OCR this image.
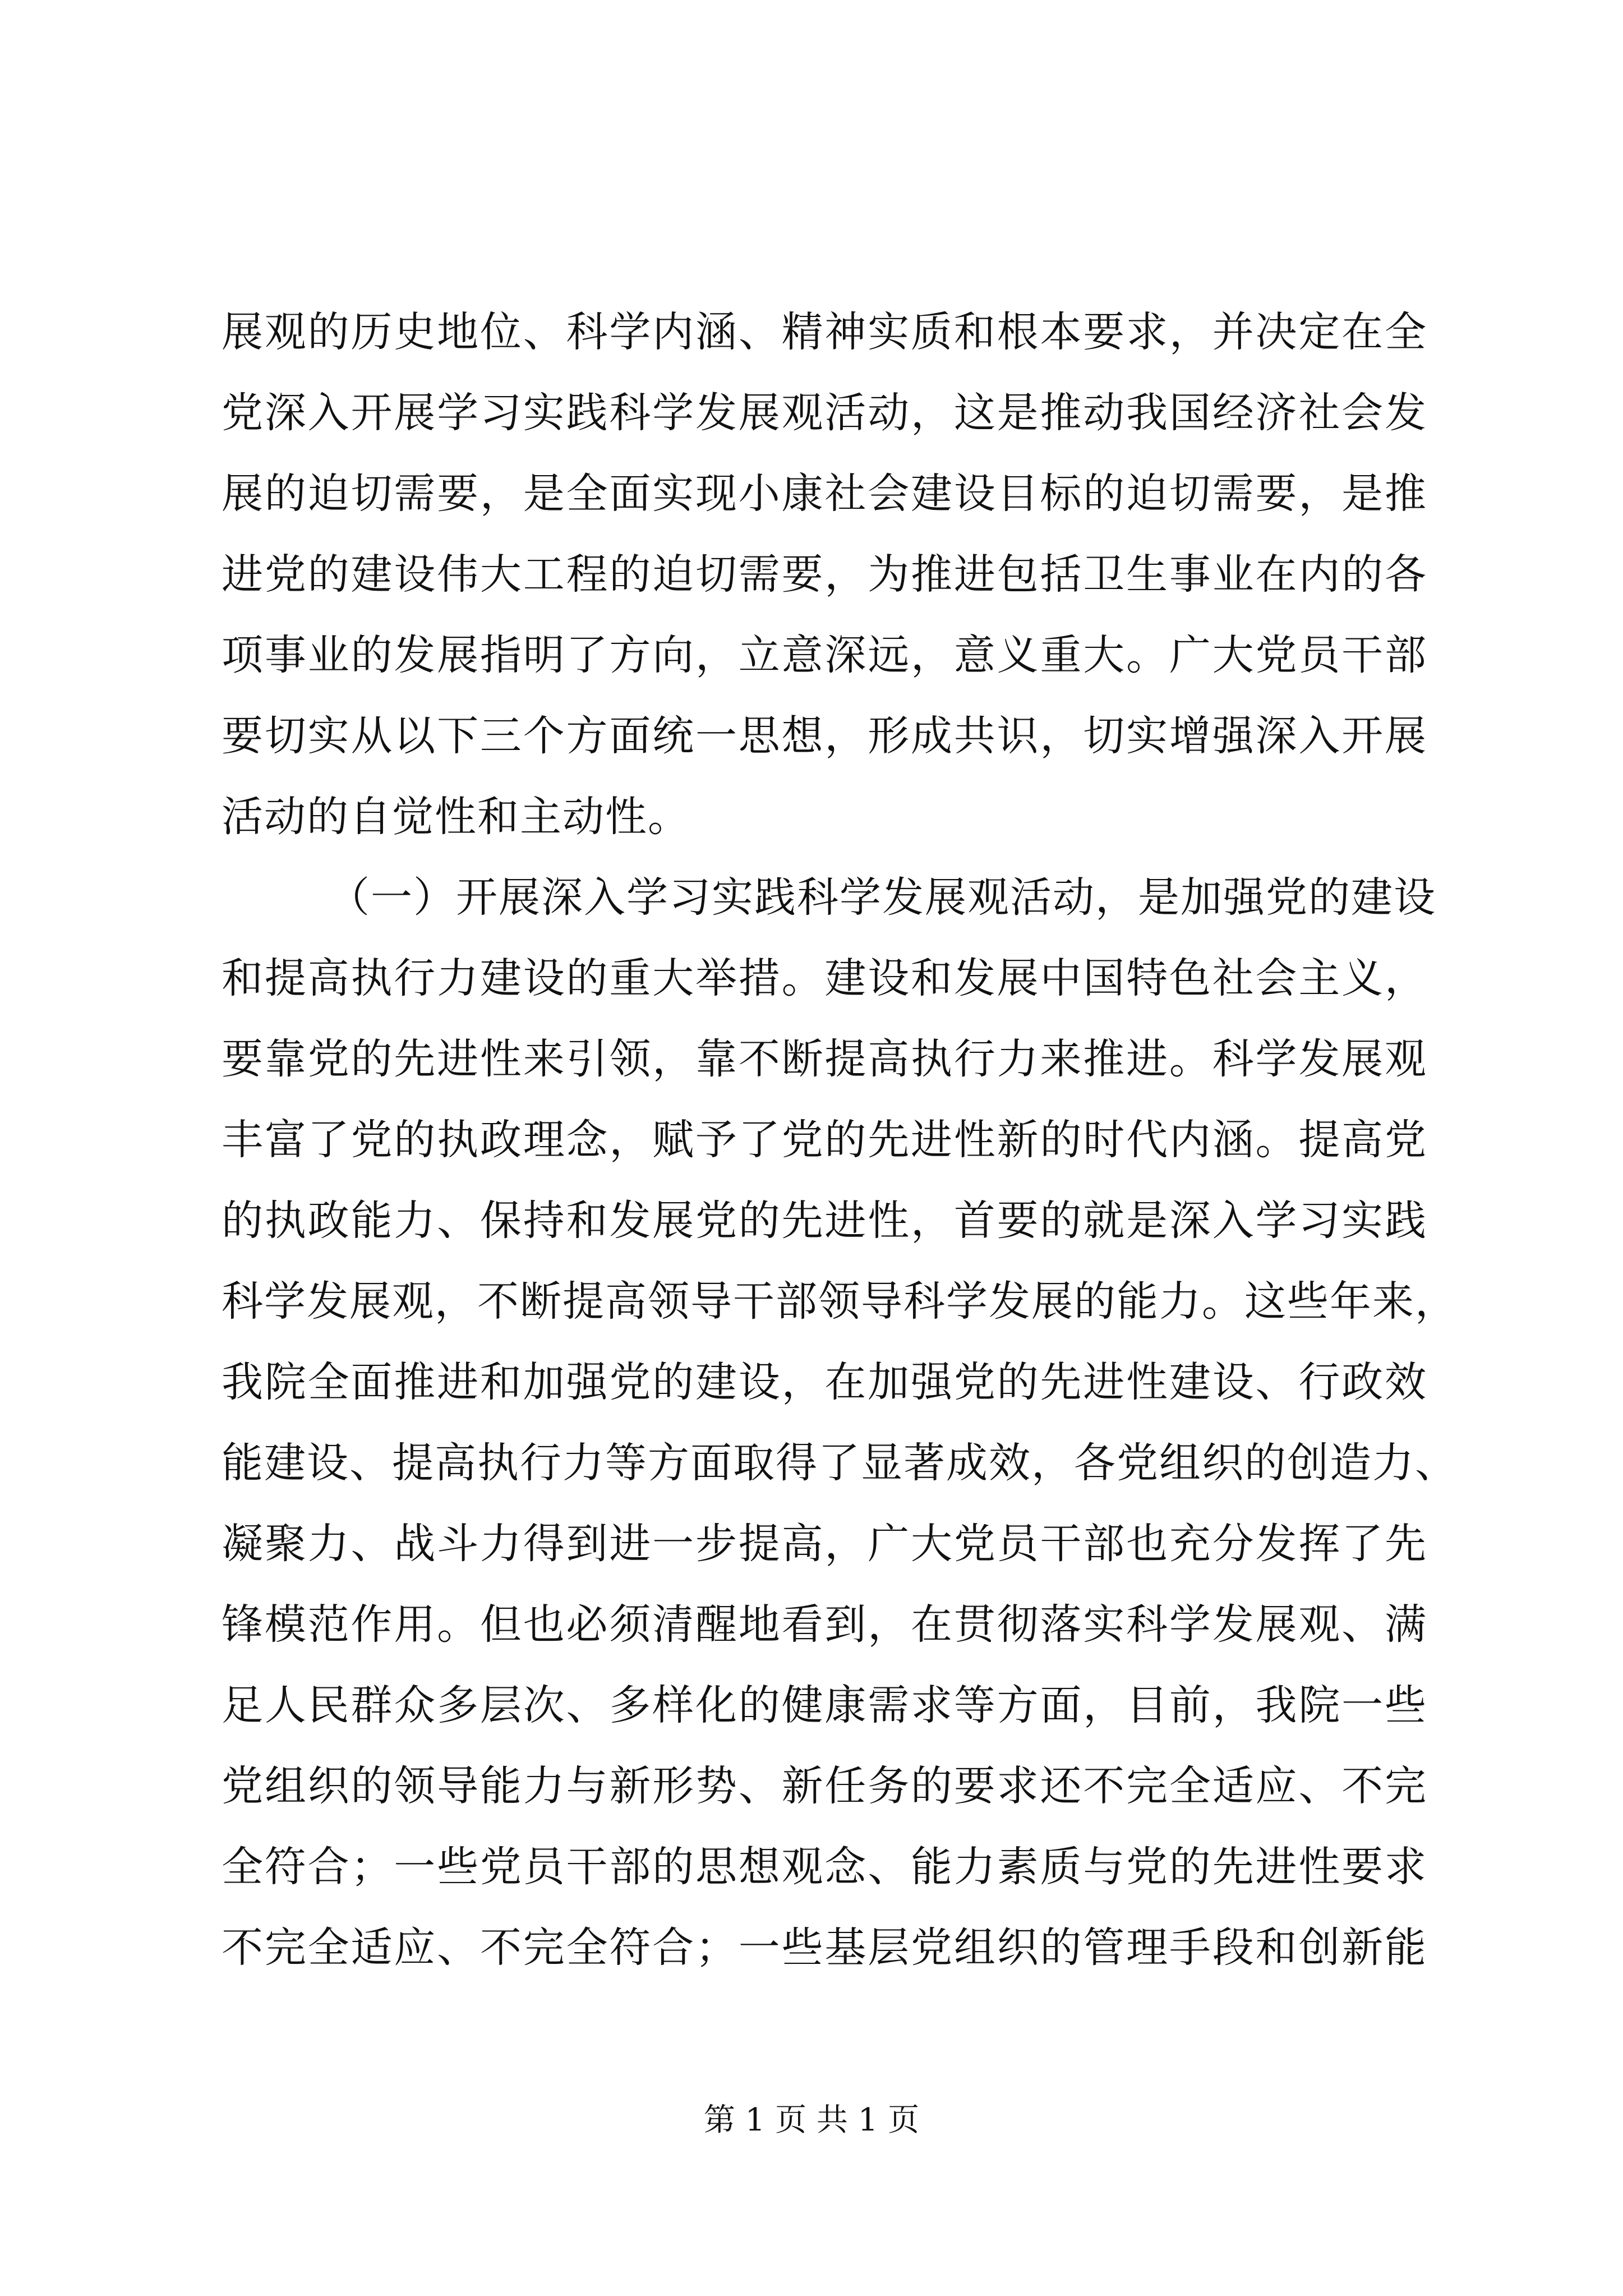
展观的历史地位、科学内涵、精神实质和根本要求，并决定在全
党深入开展学习实践科学发展观活动，这是推动我国经济社会发
展的迫切需要，是全面实现小康社会建设目标的迫切需要，是推
进党的建设伟大工程的迫切需要，为推进包括卫生事业在内的各
项事业的发展指明了方向，立意深远，意义重大。广大党员干部
要切实从以下三个方面统一思想，形成共识，切实增强深入开展
活动的自觉性和主动性。
（一）开展深入学习实践科学发展观活动，是加强党的建设
和提高执行力建设的重大举措。建设和发展中国特色社会主义，
要靠党的先进性来引领，靠不断提高执行力来推进。科学发展观
丰富了党的执政理念，赋予了党的先进性新的时代内涵。提高党
的执政能力、保持和发展党的先进性，首要的就是深入学习实践
科学发展观，不断提高领导干部领导科学发展的能力。这些年来，
我院全面推进和加强党的建设，在加强党的先进性建设、行政效
能建设、提高执行力等方面取得了显著成效，各党组织的创造力、
凝聚力、战斗力得到进一步提高，广大党员干部也充分发挥了先
锋模范作用。但也必须清醒地看到，在贯彻落实科学发展观、满
足人民群众多层次、多样化的健康需求等方面，目前，我院一些
党组织的领导能力与新形势、新任务的要求还不完全适应、不完
全符合；一些党员干部的思想观念、能力素质与党的先进性要求
不完全适应、不完全符合；一些基层党组织的管理手段和创新能
第 1 页 共 1 页
